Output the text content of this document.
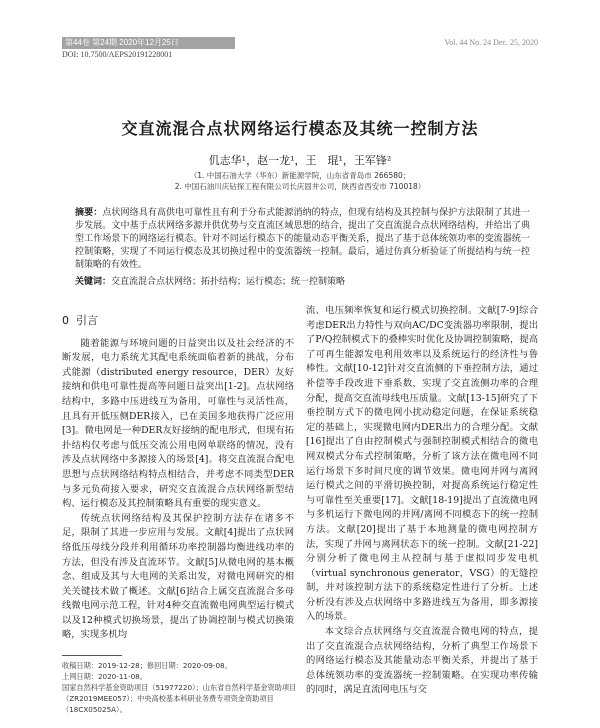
第44卷 第24期 2020年12月25日	Vol. 44 No. 24 Dec. 25, 2020
DOI: 10.7500/AEPS20191228001
交直流混合点状网络运行模态及其统一控制方法
仉志华¹，赵一龙¹，王　琨¹，王军锋²
（1. 中国石油大学（华东）新能源学院，山东省青岛市 266580；
2. 中国石油川庆钻探工程有限公司长庆固井公司，陕西省西安市 710018）
摘要：点状网络具有高供电可靠性且有利于分布式能源消纳的特点，但现有结构及其控制与保护方法限制了其进一步发展。文中基于点状网络多源并供优势与交直流区域思想的结合，提出了交直流混合点状网络结构，并给出了典型工作场景下的网络运行模态。针对不同运行模态下的能量动态平衡关系，提出了基于总体统领功率的变流器统一控制策略，实现了不同运行模态及其切换过程中的变流器统一控制。最后，通过仿真分析验证了所提结构与统一控制策略的有效性。
关键词：交直流混合点状网络；拓扑结构；运行模态；统一控制策略
0 引言

随着能源与环境问题的日益突出以及社会经济的不断发展，电力系统尤其配电系统面临着新的挑战，分布式能源（distributed energy resource，DER）友好接纳和供电可靠性提高等问题日益突出[1-2]。点状网络结构中，多路中压进线互为备用，可靠性与灵活性高，且具有开低压侧DER接入，已在美国多地获得广泛应用[3]。微电网是一种DER友好接纳的配电形式，但现有拓扑结构仅考虑与低压交流公用电网单联络的情况，没有涉及点状网络中多源接入的场景[4]。将交直流混合配电思想与点状网络结构特点相结合，并考虑不同类型DER与多元负荷接入要求，研究交直流混合点状网络新型结构、运行模态及其控制策略具有重要的现实意义。

传统点状网络结构及其保护控制方法存在诸多不足，限制了其进一步应用与发展。文献[4]提出了点状网络低压母线分段并利用循环功率控制器均衡进线功率的方法，但没有涉及直流环节。文献[5]从微电网的基本概念、组成及其与大电网的关系出发，对微电网研究的相关关键技术做了概述。文献[6]结合上属交直流混合多母线微电网示范工程，针对4种交直流微电网典型运行模式以及12种模式切换场景，提出了协调控制与模式切换策略，实现多机均

流、电压频率恢复和运行模式切换控制。文献[7-9]综合考虑DER出力特性与双向AC/DC变流器功率限制，提出了P/Q控制模式下的叠棒实时优化及协调控制策略，提高了可再生能源发电利用效率以及系统运行的经济性与鲁棒性。文献[10-12]针对交直流侧的下垂控制方法，通过补偿等手段改进下垂系数，实现了交直流侧功率的合理分配，提高交直流母线电压质量。文献[13-15]研究了下垂控制方式下的微电网小扰动稳定问题，在保证系统稳定的基础上，实现微电网内DER出力的合理分配。文献[16]提出了自由控制模式与强制控制模式相结合的微电网双模式分布式控制策略，分析了该方法在微电网不同运行场景下多时间尺度的调节效果。微电网并网与离网运行模式之间的平滑切换控制，对提高系统运行稳定性与可靠性至关重要[17]。文献[18-19]提出了直流微电网与多机运行下微电网的并网/离网不同模态下的统一控制方法。文献[20]提出了基于本地测量的微电网控制方法，实现了并网与离网状态下的统一控制。文献[21-22]分别分析了微电网主从控制与基于虚拟同步发电机（virtual synchronous generator，VSG）的无缝控制，并对该控制方法下的系统稳定性进行了分析。上述分析没有涉及点状网络中多路进线互为备用，即多源接入的场景。

本文综合点状网络与交直流混合微电网的特点，提出了交直流混合点状网络结构，分析了典型工作场景下的网络运行模态及其能量动态平衡关系，并提出了基于总体统领功率的变流器统一控制策略。在实现功率传输的同时，满足直流网电压与交

收稿日期：2019-12-28；修回日期：2020-09-08。
上网日期：2020-11-08。
国家自然科学基金资助项目（51977220）；山东省自然科学基金资助项目（ZR2019MEE057）；中央高校基本科研业务费专项资金资助项目（18CX05025A）。
